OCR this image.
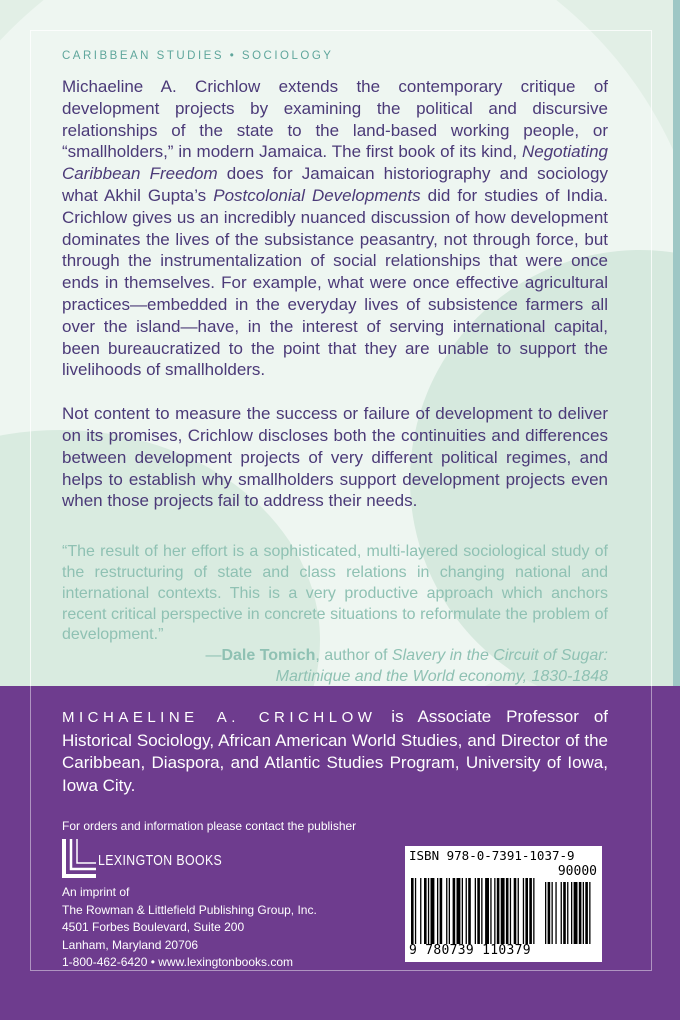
CARIBBEAN STUDIES • SOCIOLOGY

Michaeline A. Crichlow extends the contemporary critique of development projects by examining the political and discursive relationships of the state to the land-based working people, or “smallholders,” in modern Jamaica. The first book of its kind, Negotiating Caribbean Freedom does for Jamaican historiography and sociology what Akhil Gupta’s Postcolonial Developments did for studies of India. Crichlow gives us an incredibly nuanced discussion of how development dominates the lives of the subsistance peasantry, not through force, but through the instrumentalization of social relationships that were once ends in themselves. For example, what were once effective agricultural practices—embedded in the everyday lives of subsistence farmers all over the island—have, in the interest of serving international capital, been bureaucratized to the point that they are unable to support the livelihoods of smallholders.

Not content to measure the success or failure of development to deliver on its promises, Crichlow discloses both the continuities and differences between development projects of very different political regimes, and helps to establish why smallholders support development projects even when those projects fail to address their needs.

“The result of her effort is a sophisticated, multi-layered sociological study of the restructuring of state and class relations in changing national and international contexts. This is a very productive approach which anchors recent critical perspective in concrete situations to reformulate the problem of development.”

—Dale Tomich, author of Slavery in the Circuit of Sugar:
Martinique and the World economy, 1830-1848
MICHAELINE A. CRICHLOW is Associate Professor of Historical Sociology, African American World Studies, and Director of the Caribbean, Diaspora, and Atlantic Studies Program, University of Iowa, Iowa City.
For orders and information please contact the publisher
LEXINGTON BOOKS
An imprint of
The Rowman & Littlefield Publishing Group, Inc.
4501 Forbes Boulevard, Suite 200
Lanham, Maryland 20706
1-800-462-6420 • www.lexingtonbooks.com
ISBN 978-0-7391-1037-9
90000
9 780739 110379
